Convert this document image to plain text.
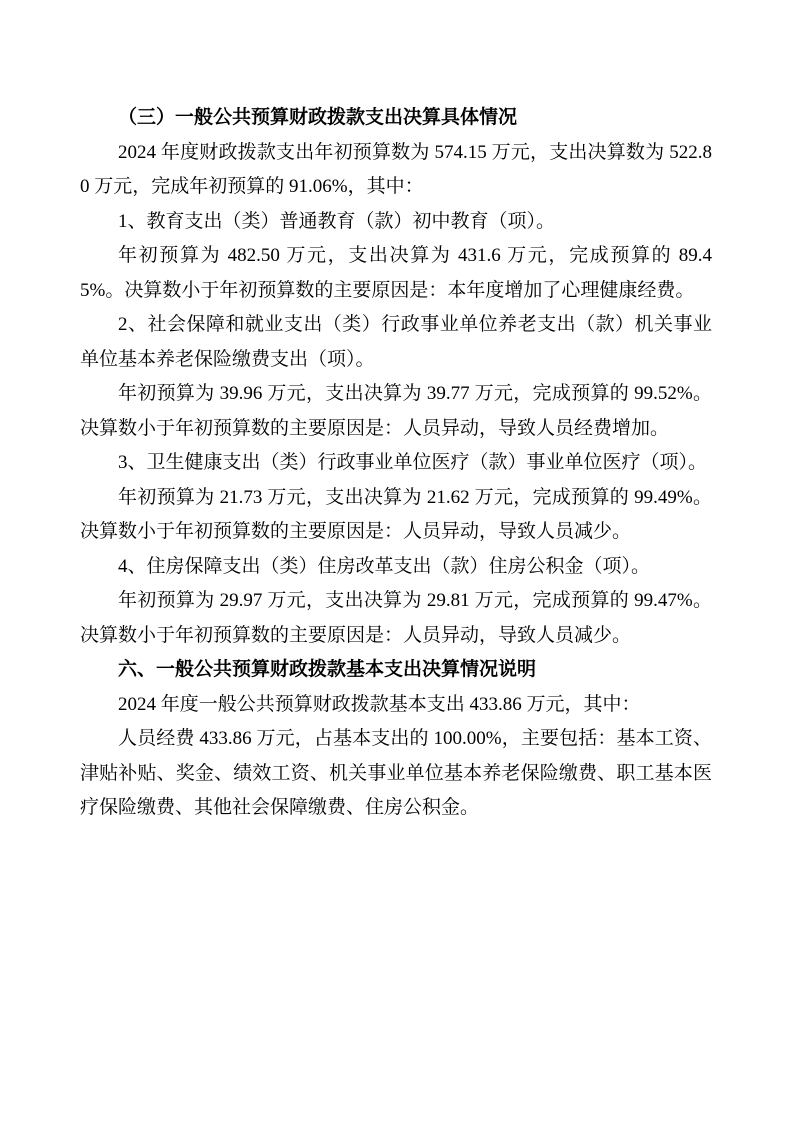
（三）一般公共预算财政拨款支出决算具体情况

2024 年度财政拨款支出年初预算数为 574.15 万元，支出决算数为 522.80 万元，完成年初预算的 91.06%，其中：

1、教育支出（类）普通教育（款）初中教育（项）。

年初预算为 482.50 万元，支出决算为 431.6 万元，完成预算的 89.45%。决算数小于年初预算数的主要原因是：本年度增加了心理健康经费。

2、社会保障和就业支出（类）行政事业单位养老支出（款）机关事业单位基本养老保险缴费支出（项）。

年初预算为 39.96 万元，支出决算为 39.77 万元，完成预算的 99.52%。决算数小于年初预算数的主要原因是：人员异动，导致人员经费增加。

3、卫生健康支出（类）行政事业单位医疗（款）事业单位医疗（项）。

年初预算为 21.73 万元，支出决算为 21.62 万元，完成预算的 99.49%。决算数小于年初预算数的主要原因是：人员异动，导致人员减少。

4、住房保障支出（类）住房改革支出（款）住房公积金（项）。

年初预算为 29.97 万元，支出决算为 29.81 万元，完成预算的 99.47%。决算数小于年初预算数的主要原因是：人员异动，导致人员减少。

六、一般公共预算财政拨款基本支出决算情况说明

2024 年度一般公共预算财政拨款基本支出 433.86 万元，其中：

人员经费 433.86 万元，占基本支出的 100.00%，主要包括：基本工资、津贴补贴、奖金、绩效工资、机关事业单位基本养老保险缴费、职工基本医疗保险缴费、其他社会保障缴费、住房公积金。
